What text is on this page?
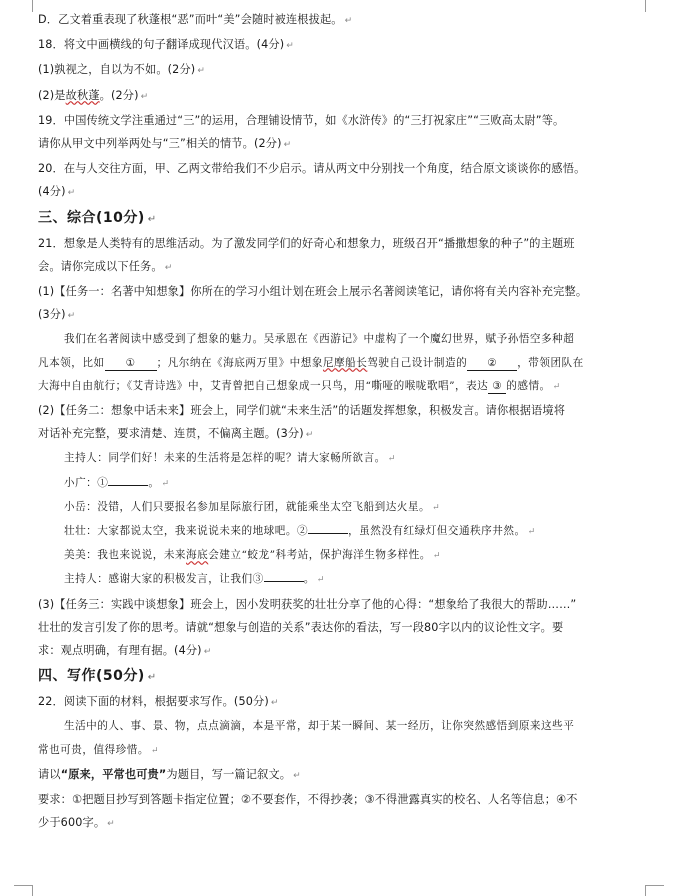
D．乙文着重表现了秋蓬根“恶”而叶“美”会随时被连根拔起。 ↵
18．将文中画横线的句子翻译成现代汉语。(4分) ↵
(1)孰视之，自以为不如。(2分) ↵
(2)是故秋蓬。(2分) ↵
19．中国传统文学注重通过“三”的运用，合理铺设情节，如《水浒传》的“三打祝家庄”“三败高太尉”等。
请你从甲文中列举两处与“三”相关的情节。(2分) ↵
20．在与人交往方面，甲、乙两文带给我们不少启示。请从两文中分别找一个角度，结合原文谈谈你的感悟。
(4分) ↵
三、综合(10分) ↵
21．想象是人类特有的思维活动。为了激发同学们的好奇心和想象力，班级召开“播撒想象的种子”的主题班
会。请你完成以下任务。 ↵
(1)【任务一：名著中知想象】你所在的学习小组计划在班会上展示名著阅读笔记，请你将有关内容补充完整。
(3分) ↵
我们在名著阅读中感受到了想象的魅力。吴承恩在《西游记》中虚构了一个魔幻世界，赋予孙悟空多种超
凡本领，比如 ① ；凡尔纳在《海底两万里》中想象尼摩船长驾驶自己设计制造的 ② ，带领团队在
大海中自由航行；《艾青诗选》中，艾青曾把自己想象成一只鸟，用“嘶哑的喉咙歌唱”，表达 ③ 的感情。 ↵
(2)【任务二：想象中话未来】班会上，同学们就“未来生活”的话题发挥想象，积极发言。请你根据语境将
对话补充完整，要求清楚、连贯，不偏离主题。(3分) ↵
主持人：同学们好！未来的生活将是怎样的呢？请大家畅所欲言。 ↵
小广：①	。 ↵
小岳：没错，人们只要报名参加星际旅行团，就能乘坐太空飞船到达火星。 ↵
壮壮：大家都说太空，我来说说未来的地球吧。②	，虽然没有红绿灯但交通秩序井然。 ↵
美美：我也来说说，未来海底会建立“蛟龙”科考站，保护海洋生物多样性。 ↵
主持人：感谢大家的积极发言，让我们③	。 ↵
(3)【任务三：实践中谈想象】班会上，因小发明获奖的壮壮分享了他的心得：“想象给了我很大的帮助……”
壮壮的发言引发了你的思考。请就“想象与创造的关系”表达你的看法，写一段80字以内的议论性文字。要
求：观点明确，有理有据。(4分) ↵
四、写作(50分) ↵
22．阅读下面的材料，根据要求写作。(50分) ↵
生活中的人、事、景、物，点点滴滴，本是平常，却于某一瞬间、某一经历，让你突然感悟到原来这些平
常也可贵，值得珍惜。 ↵
请以“原来，平常也可贵”为题目，写一篇记叙文。 ↵
要求：①把题目抄写到答题卡指定位置；②不要套作，不得抄袭；③不得泄露真实的校名、人名等信息；④不
少于600字。 ↵
